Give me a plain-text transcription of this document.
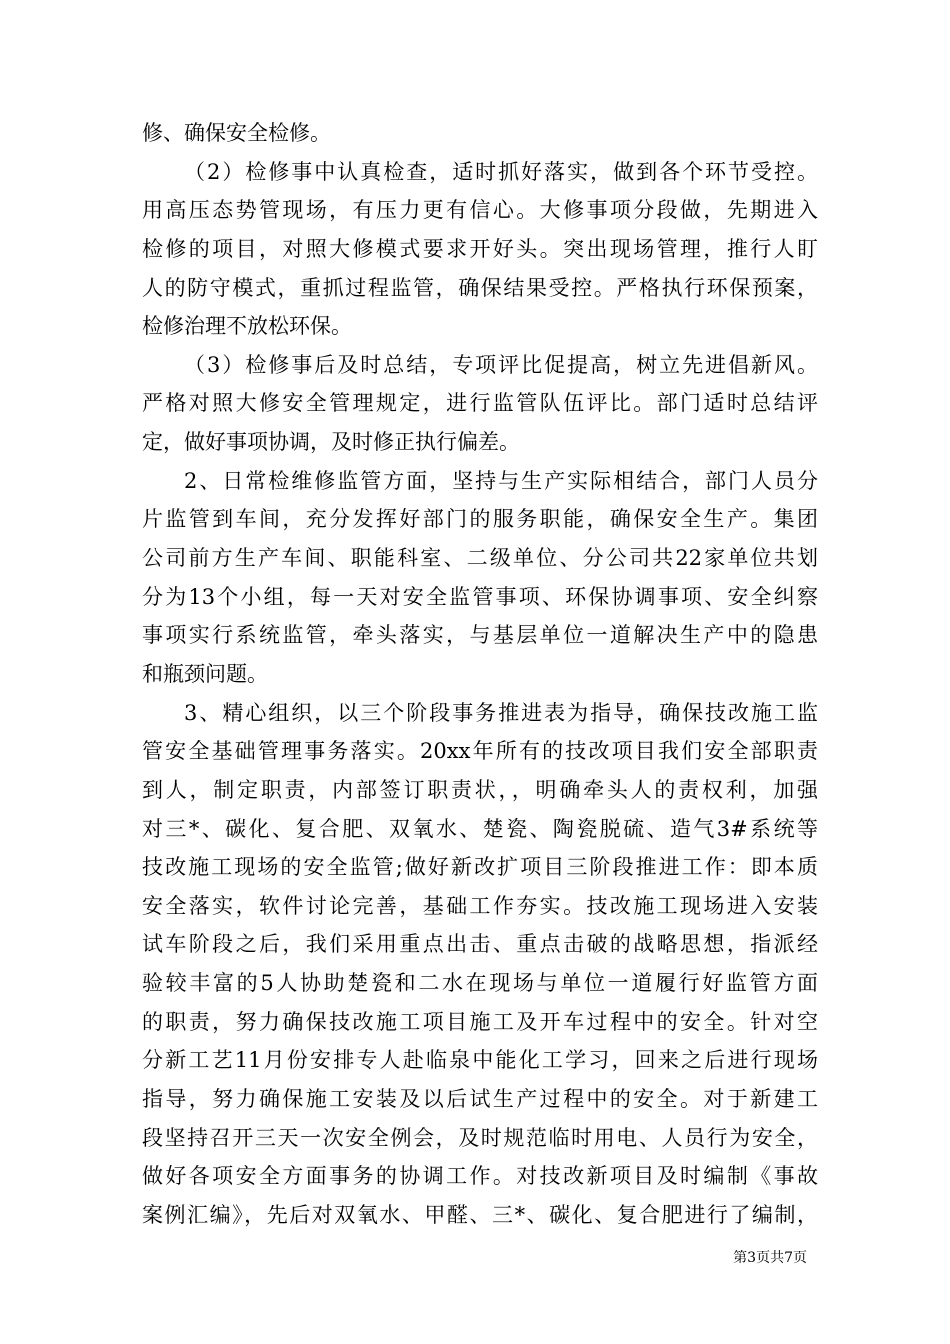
修、确保安全检修。
（2）检修事中认真检查，适时抓好落实，做到各个环节受控。
用高压态势管现场，有压力更有信心。大修事项分段做，先期进入
检修的项目，对照大修模式要求开好头。突出现场管理，推行人盯
人的防守模式，重抓过程监管，确保结果受控。严格执行环保预案，
检修治理不放松环保。
（3）检修事后及时总结，专项评比促提高，树立先进倡新风。
严格对照大修安全管理规定，进行监管队伍评比。部门适时总结评
定，做好事项协调，及时修正执行偏差。
2、日常检维修监管方面，坚持与生产实际相结合，部门人员分
片监管到车间，充分发挥好部门的服务职能，确保安全生产。集团
公司前方生产车间、职能科室、二级单位、分公司共22家单位共划
分为13个小组，每一天对安全监管事项、环保协调事项、安全纠察
事项实行系统监管，牵头落实，与基层单位一道解决生产中的隐患
和瓶颈问题。
3、精心组织，以三个阶段事务推进表为指导，确保技改施工监
管安全基础管理事务落实。20xx年所有的技改项目我们安全部职责
到人，制定职责，内部签订职责状，，明确牵头人的责权利，加强
对三*、碳化、复合肥、双氧水、楚瓷、陶瓷脱硫、造气3#系统等
技改施工现场的安全监管;做好新改扩项目三阶段推进工作：即本质
安全落实，软件讨论完善，基础工作夯实。技改施工现场进入安装
试车阶段之后，我们采用重点出击、重点击破的战略思想，指派经
验较丰富的5人协助楚瓷和二水在现场与单位一道履行好监管方面
的职责，努力确保技改施工项目施工及开车过程中的安全。针对空
分新工艺11月份安排专人赴临泉中能化工学习，回来之后进行现场
指导，努力确保施工安装及以后试生产过程中的安全。对于新建工
段坚持召开三天一次安全例会，及时规范临时用电、人员行为安全，
做好各项安全方面事务的协调工作。对技改新项目及时编制《事故
案例汇编》，先后对双氧水、甲醛、三*、碳化、复合肥进行了编制，
第3页共7页
